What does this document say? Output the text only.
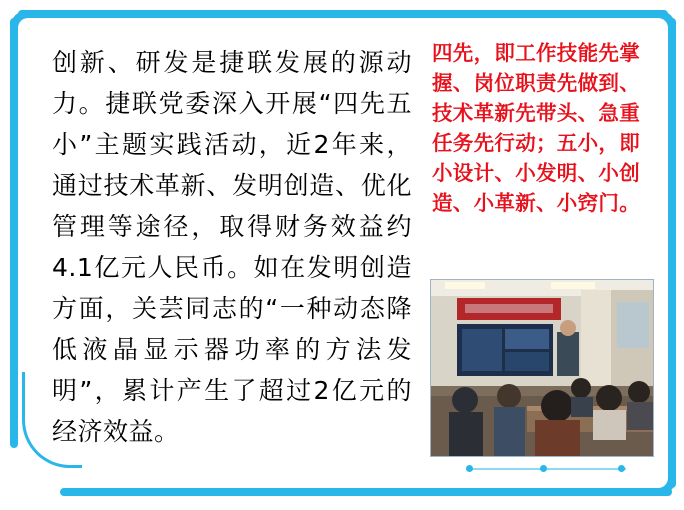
创新、研发是捷联发展的源动力。捷联党委深入开展“四先五小”主题实践活动，近2年来，通过技术革新、发明创造、优化管理等途径，取得财务效益约4.1亿元人民币。如在发明创造方面，关芸同志的“一种动态降低液晶显示器功率的方法发明”，累计产生了超过2亿元的经济效益。
四先，即工作技能先掌握、岗位职责先做到、技术革新先带头、急重任务先行动；五小，即小设计、小发明、小创造、小革新、小窍门。
